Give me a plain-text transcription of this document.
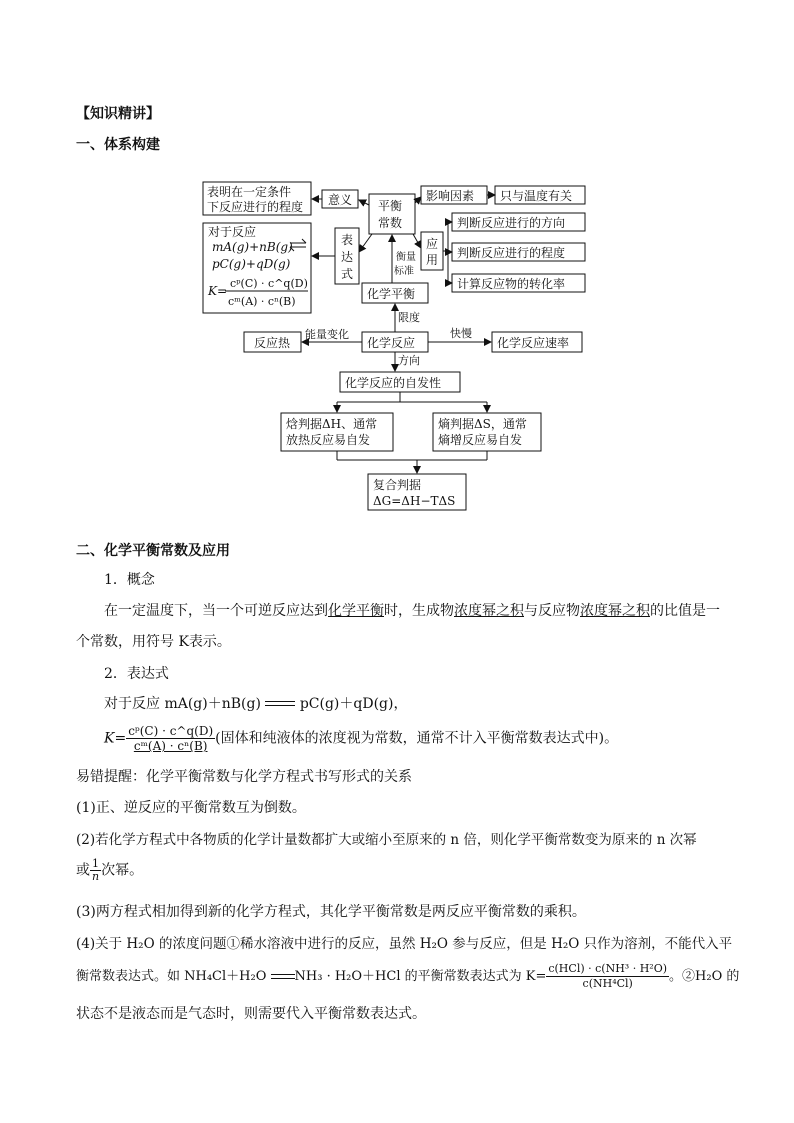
【知识精讲】
一、体系构建
表明在一定条件
下反应进行的程度 意义 平衡
常数
影响因素 只与温度有关
表
达
式
应
用
衡量
标准
判断反应进行的方向
判断反应进行的程度
计算反应物的转化率
对于反应
mA(g)+nB(g)
pC(g)+qD(g)
K=
cᵖ(C) · c^q(D)
cᵐ(A) · cⁿ(B)
化学平衡
限度
反应热
能量变化
化学反应
快慢
化学反应速率
方向
化学反应的自发性
焓判据ΔH、通常
放热反应易自发
熵判据ΔS，通常
熵增反应易自发
复合判据
ΔG=ΔH−TΔS
二、化学平衡常数及应用
1．概念
在一定温度下，当一个可逆反应达到化学平衡时，生成物浓度幂之积与反应物浓度幂之积的比值是一
个常数，用符号 K表示。
2．表达式
对于反应 mA(g)＋nB(g)	pC(g)＋qD(g)，
$K= \frac{\text{cᵖ(C) · c\textasciicircum{}q(D)}}{\text{cᵐ(A) · cⁿ(B)}}$ (固体和纯液体的浓度视为常数，通常不计入平衡常数表达式中)。
易错提醒：化学平衡常数与化学方程式书写形式的关系
(1)正、逆反应的平衡常数互为倒数。
(2)若化学方程式中各物质的化学计量数都扩大或缩小至原来的 n 倍，则化学平衡常数变为原来的 n 次幂
或 $\frac{1}{n}$ 次幂。
(3)两方程式相加得到新的化学方程式，其化学平衡常数是两反应平衡常数的乘积。
(4)关于 H₂O 的浓度问题①稀水溶液中进行的反应，虽然 H₂O 参与反应，但是 H₂O 只作为溶剂，不能代入平
衡常数表达式。如 NH₄Cl＋H₂O NH₃ · H₂O＋HCl 的平衡常数表达式为 $K= \frac{\text{c(HCl) · c(NH³ · H²O)}}{\text{c(NH⁴Cl)}}$ 。②H₂O 的
状态不是液态而是气态时，则需要代入平衡常数表达式。
